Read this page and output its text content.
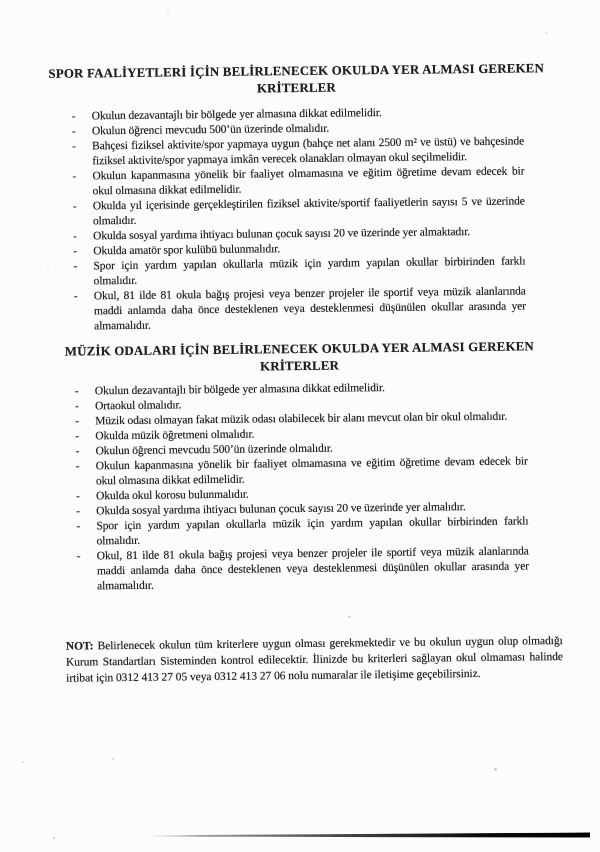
SPOR FAALİYETLERİ İÇİN BELİRLENECEK OKULDA YER ALMASI GEREKEN
KRİTERLER
-	Okulun dezavantajlı bir bölgede yer almasına dikkat edilmelidir.
-	Okulun öğrenci mevcudu 500’ün üzerinde olmalıdır.
-	Bahçesi fiziksel aktivite/spor yapmaya uygun (bahçe net alanı 2500 m² ve üstü) ve bahçesinde fiziksel aktivite/spor yapmaya imkân verecek olanakları olmayan okul seçilmelidir.
-	Okulun kapanmasına yönelik bir faaliyet olmamasına ve eğitim öğretime devam edecek bir okul olmasına dikkat edilmelidir.
-	Okulda yıl içerisinde gerçekleştirilen fiziksel aktivite/sportif faaliyetlerin sayısı 5 ve üzerinde olmalıdır.
-	Okulda sosyal yardıma ihtiyacı bulunan çocuk sayısı 20 ve üzerinde yer almaktadır.
-	Okulda amatör spor kulübü bulunmalıdır.
-	Spor için yardım yapılan okullarla müzik için yardım yapılan okullar birbirinden farklı olmalıdır.
-	Okul, 81 ilde 81 okula bağış projesi veya benzer projeler ile sportif veya müzik alanlarında maddi anlamda daha önce desteklenen veya desteklenmesi düşünülen okullar arasında yer almamalıdır.
MÜZİK ODALARI İÇİN BELİRLENECEK OKULDA YER ALMASI GEREKEN
KRİTERLER
-	Okulun dezavantajlı bir bölgede yer almasına dikkat edilmelidir.
-	Ortaokul olmalıdır.
-	Müzik odası olmayan fakat müzik odası olabilecek bir alanı mevcut olan bir okul olmalıdır.
-	Okulda müzik öğretmeni olmalıdır.
-	Okulun öğrenci mevcudu 500’ün üzerinde olmalıdır.
-	Okulun kapanmasına yönelik bir faaliyet olmamasına ve eğitim öğretime devam edecek bir okul olmasına dikkat edilmelidir.
-	Okulda okul korosu bulunmalıdır.
-	Okulda sosyal yardıma ihtiyacı bulunan çocuk sayısı 20 ve üzerinde yer almalıdır.
-	Spor için yardım yapılan okullarla müzik için yardım yapılan okullar birbirinden farklı olmalıdır.
-	Okul, 81 ilde 81 okula bağış projesi veya benzer projeler ile sportif veya müzik alanlarında maddi anlamda daha önce desteklenen veya desteklenmesi düşünülen okullar arasında yer almamalıdır.

NOT: Belirlenecek okulun tüm kriterlere uygun olması gerekmektedir ve bu okulun uygun olup olmadığı Kurum Standartları Sisteminden kontrol edilecektir. İlinizde bu kriterleri sağlayan okul olmaması halinde irtibat için 0312 413 27 05 veya 0312 413 27 06 nolu numaralar ile iletişime geçebilirsiniz.
